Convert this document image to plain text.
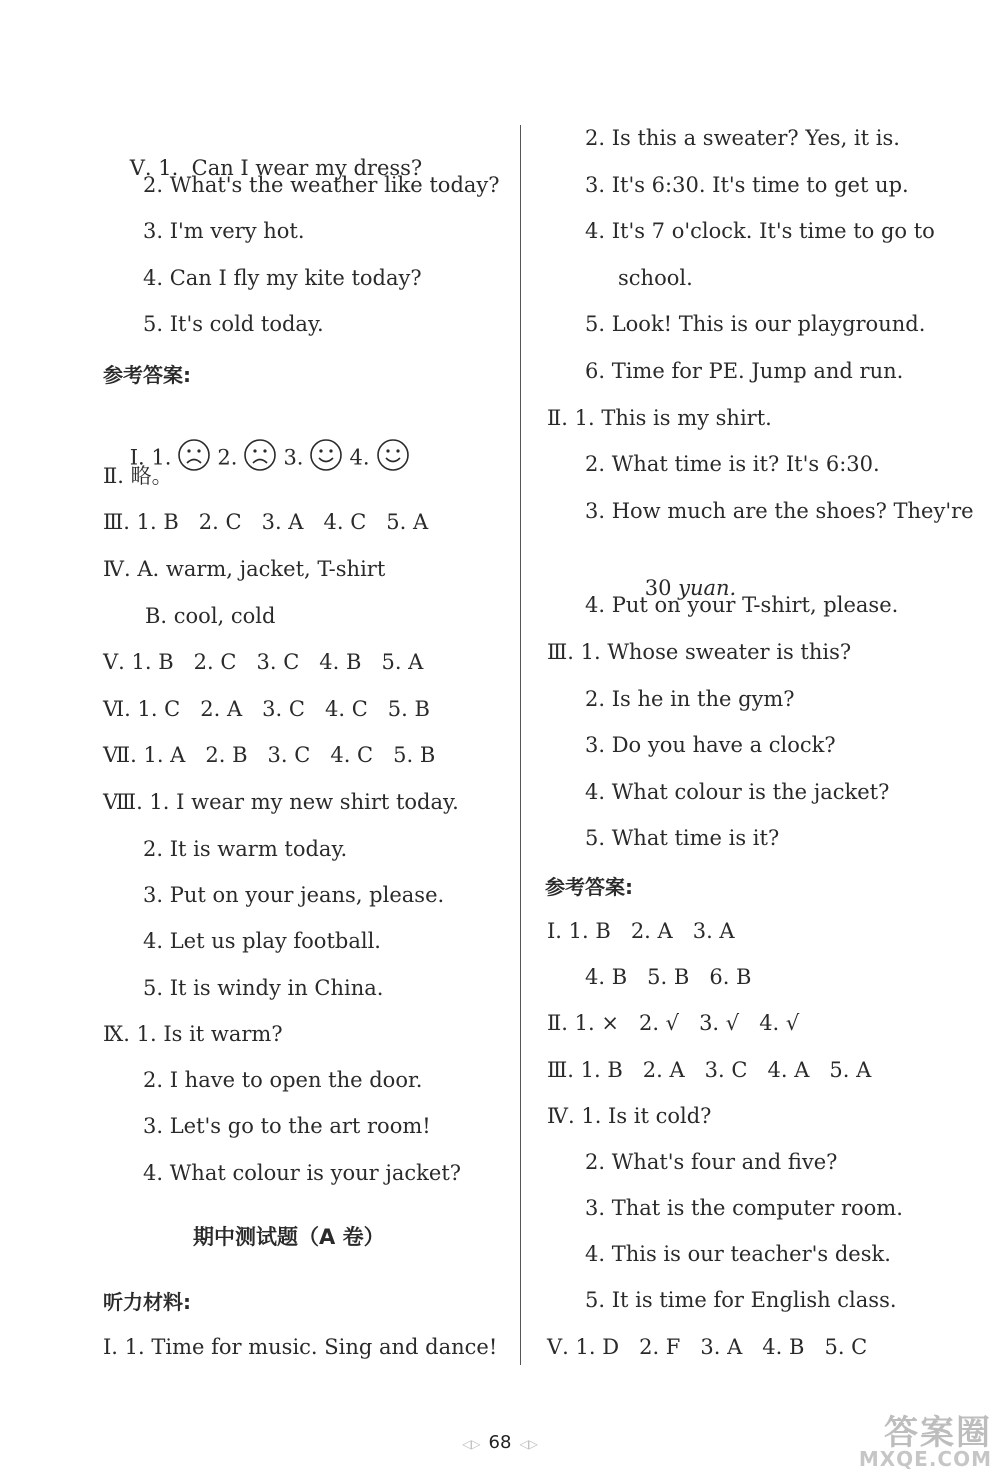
Ⅴ. 1. Can I wear my dress?

2. What's the weather like today?
3. I'm very hot.
4. Can I fly my kite today?
5. It's cold today.
参考答案:

Ⅰ. 1. 2. 3. 4.

Ⅱ. 略。
Ⅲ. 1. B   2. C   3. A   4. C   5. A
Ⅳ. A. warm, jacket, T-shirt
B. cool, cold
Ⅴ. 1. B   2. C   3. C   4. B   5. A
Ⅵ. 1. C   2. A   3. C   4. C   5. B
Ⅶ. 1. A   2. B   3. C   4. C   5. B
Ⅷ. 1. I wear my new shirt today.
2. It is warm today.
3. Put on your jeans, please.
4. Let us play football.
5. It is windy in China.
Ⅸ. 1. Is it warm?
2. I have to open the door.
3. Let's go to the art room!
4. What colour is your jacket?
期中测试题（A 卷）
听力材料:
Ⅰ. 1. Time for music. Sing and dance!
2. Is this a sweater? Yes, it is.
3. It's 6:30. It's time to get up.
4. It's 7 o'clock. It's time to go to
school.
5. Look! This is our playground.
6. Time for PE. Jump and run.
Ⅱ. 1. This is my shirt.
2. What time is it? It's 6:30.
3. How much are the shoes? They're

30 yuan.

4. Put on your T-shirt, please.
Ⅲ. 1. Whose sweater is this?
2. Is he in the gym?
3. Do you have a clock?
4. What colour is the jacket?
5. What time is it?
参考答案:
Ⅰ. 1. B   2. A   3. A
4. B   5. B   6. B
Ⅱ. 1. ×   2. √   3. √   4. √
Ⅲ. 1. B   2. A   3. C   4. A   5. A
Ⅳ. 1. Is it cold?
2. What's four and five?
3. That is the computer room.
4. This is our teacher's desk.
5. It is time for English class.
Ⅴ. 1. D   2. F   3. A   4. B   5. C
◁▷ 68 ◁▷	答案圈
MXQE.COM
